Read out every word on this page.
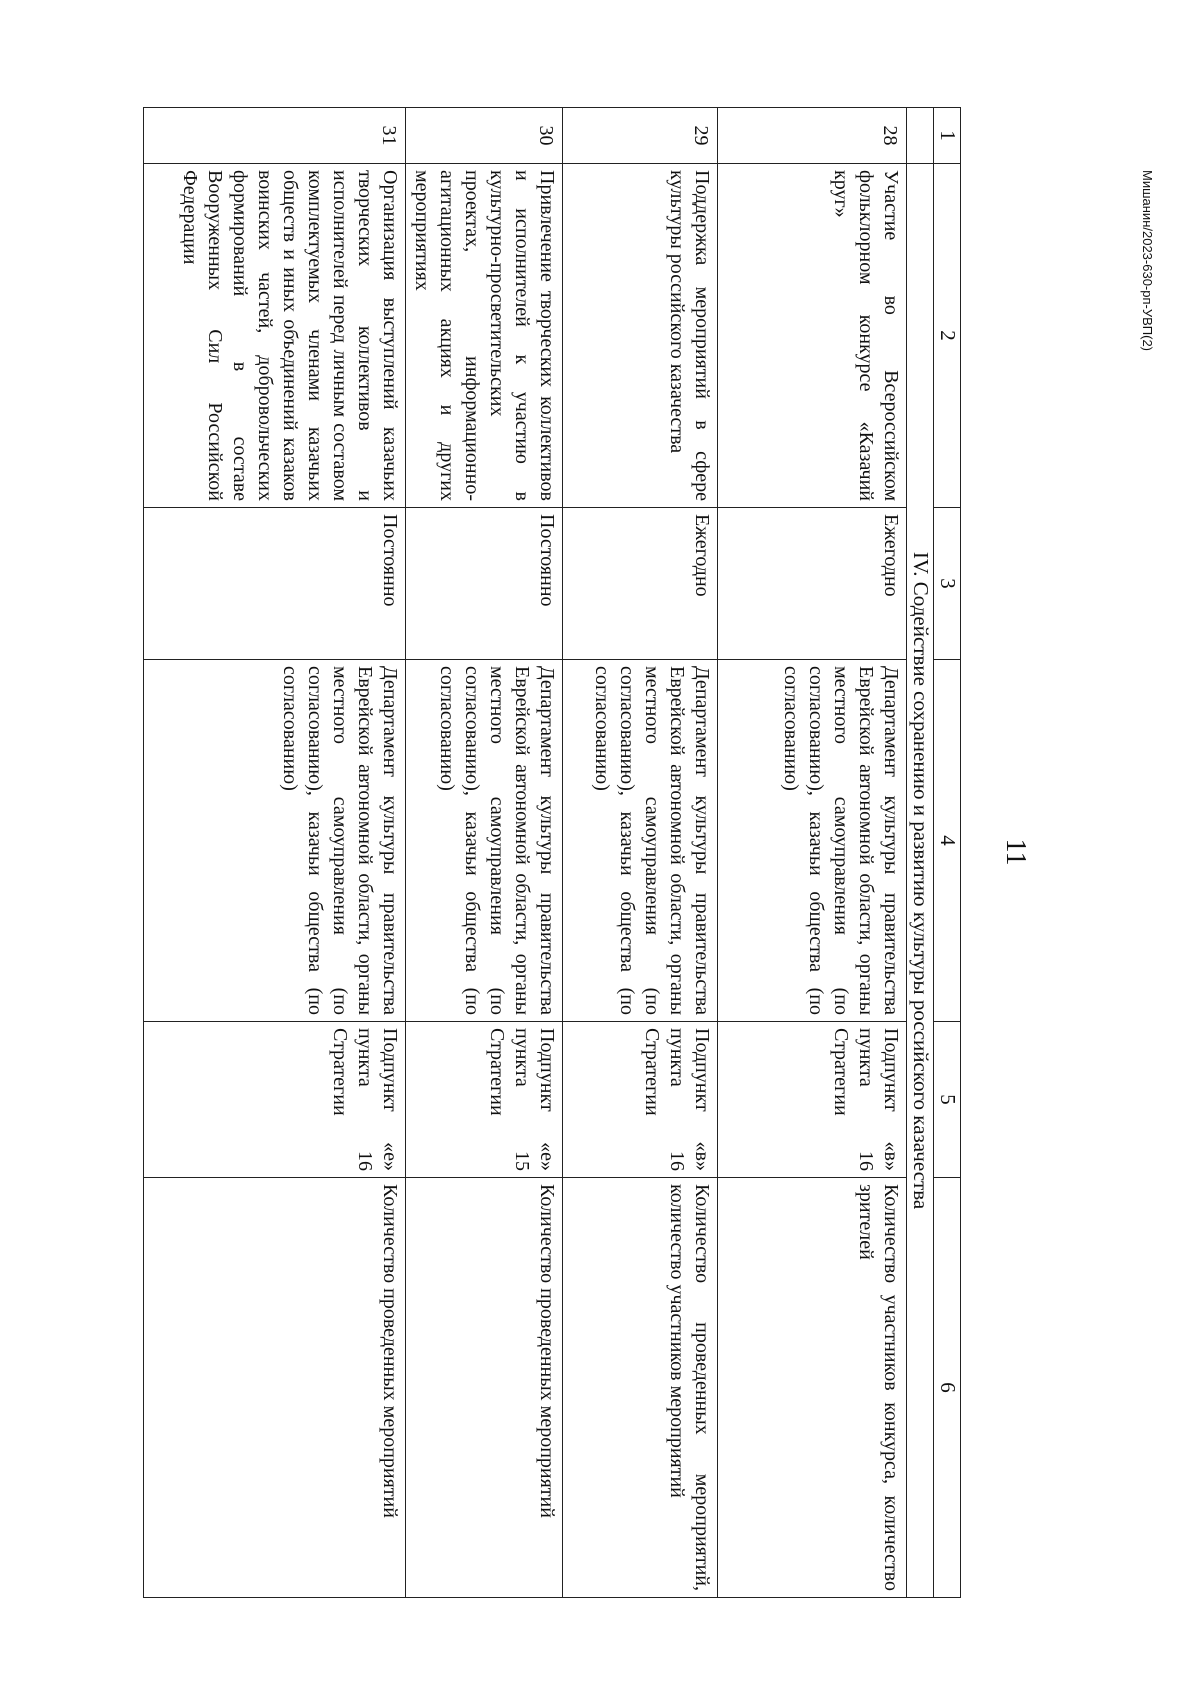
11
1	2	3	4	5	6
	IV. Содействие сохранению и развитию культуры российского казачества				
28	Участие во Всероссийском фольклорном конкурсе «Казачий круг»	Ежегодно	Департамент культуры правительства Еврейской автономной области, органы местного самоуправления (по согласованию), казачьи общества (по согласованию)	Подпункт «в» пункта 16 Стратегии	Количество участников конкурса, количество зрителей
29	Поддержка мероприятий в сфере культуры российского казачества	Ежегодно	Департамент культуры правительства Еврейской автономной области, органы местного самоуправления (по согласованию), казачьи общества (по согласованию)	Подпункт «в» пункта 16 Стратегии	Количество проведенных мероприятий, количество участников мероприятий
30	Привлечение творческих коллективов и исполнителей к участию в культурно-просветительских проектах, информационно-агитационных акциях и других мероприятиях	Постоянно	Департамент культуры правительства Еврейской автономной области, органы местного самоуправления (по согласованию), казачьи общества (по согласованию)	Подпункт «е» пункта 15 Стратегии	Количество проведенных мероприятий
31	Организация выступлений казачьих творческих коллективов и исполнителей перед личным составом комплектуемых членами казачьих обществ и иных объединений казаков воинских частей, добровольческих формирований в составе Вооруженных Сил Российской Федерации	Постоянно	Департамент культуры правительства Еврейской автономной области, органы местного самоуправления (по согласованию), казачьи общества (по согласованию)	Подпункт «е» пункта 16 Стратегии	Количество проведенных мероприятий
Мишанин/2023-630-рп-УВП(2)
